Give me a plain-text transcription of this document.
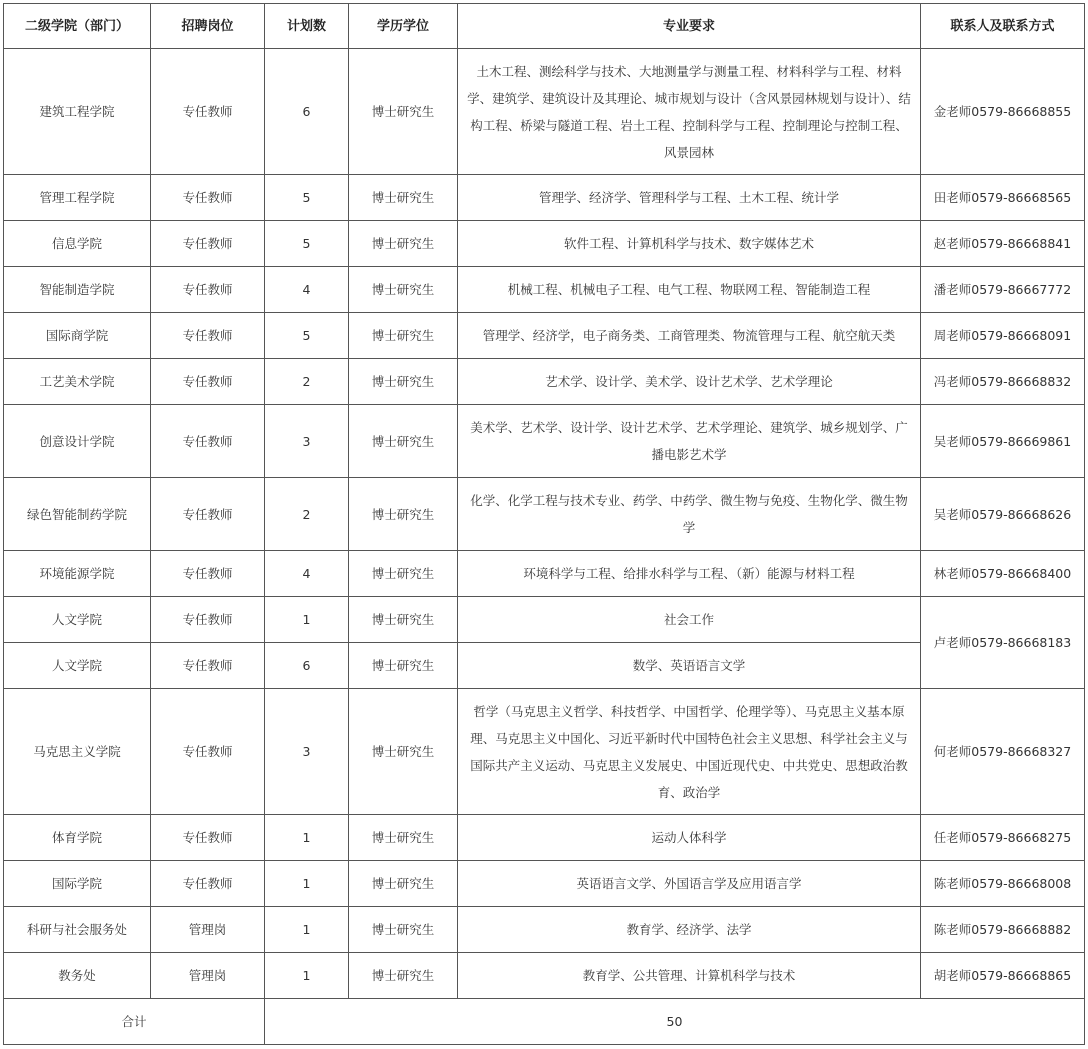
二级学院（部门）	招聘岗位	计划数	学历学位	专业要求	联系人及联系方式
建筑工程学院	专任教师	6	博士研究生	土木工程、测绘科学与技术、大地测量学与测量工程、材料科学与工程、材料学、建筑学、建筑设计及其理论、城市规划与设计（含风景园林规划与设计）、结构工程、桥梁与隧道工程、岩土工程、控制科学与工程、控制理论与控制工程、风景园林	金老师0579-86668855
管理工程学院	专任教师	5	博士研究生	管理学、经济学、管理科学与工程、土木工程、统计学	田老师0579-86668565
信息学院	专任教师	5	博士研究生	软件工程、计算机科学与技术、数字媒体艺术	赵老师0579-86668841
智能制造学院	专任教师	4	博士研究生	机械工程、机械电子工程、电气工程、物联网工程、智能制造工程	潘老师0579-86667772
国际商学院	专任教师	5	博士研究生	管理学、经济学，电子商务类、工商管理类、物流管理与工程、航空航天类	周老师0579-86668091
工艺美术学院	专任教师	2	博士研究生	艺术学、设计学、美术学、设计艺术学、艺术学理论	冯老师0579-86668832
创意设计学院	专任教师	3	博士研究生	美术学、艺术学、设计学、设计艺术学、艺术学理论、建筑学、城乡规划学、广播电影艺术学	吴老师0579-86669861
绿色智能制药学院	专任教师	2	博士研究生	化学、化学工程与技术专业、药学、中药学、微生物与免疫、生物化学、微生物学	吴老师0579-86668626
环境能源学院	专任教师	4	博士研究生	环境科学与工程、给排水科学与工程、（新）能源与材料工程	林老师0579-86668400
人文学院	专任教师	1	博士研究生	社会工作	卢老师0579-86668183
人文学院	专任教师	6	博士研究生	数学、英语语言文学	
马克思主义学院	专任教师	3	博士研究生	哲学（马克思主义哲学、科技哲学、中国哲学、伦理学等）、马克思主义基本原理、马克思主义中国化、习近平新时代中国特色社会主义思想、科学社会主义与国际共产主义运动、马克思主义发展史、中国近现代史、中共党史、思想政治教育、政治学	何老师0579-86668327
体育学院	专任教师	1	博士研究生	运动人体科学	任老师0579-86668275
国际学院	专任教师	1	博士研究生	英语语言文学、外国语言学及应用语言学	陈老师0579-86668008
科研与社会服务处	管理岗	1	博士研究生	教育学、经济学、法学	陈老师0579-86668882
教务处	管理岗	1	博士研究生	教育学、公共管理、计算机科学与技术	胡老师0579-86668865
合计		50			
